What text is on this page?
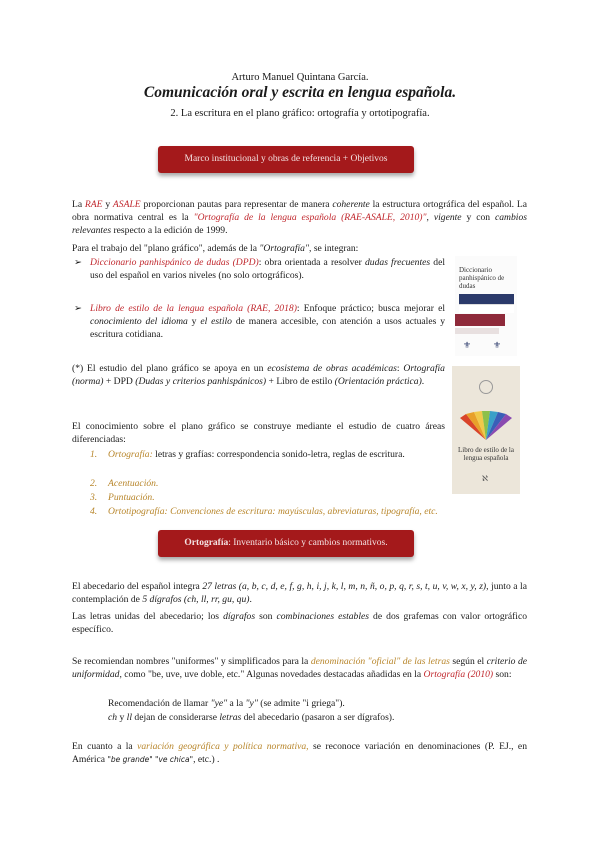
Arturo Manuel Quintana García.
Comunicación oral y escrita en lengua española.
2. La escritura en el plano gráfico: ortografía y ortotipografía.
Marco institucional y obras de referencia + Objetivos
La RAE y ASALE proporcionan pautas para representar de manera coherente la estructura ortográfica del español. La obra normativa central es la "Ortografía de la lengua española (RAE-ASALE, 2010)", vigente y con cambios relevantes respecto a la edición de 1999.
Para el trabajo del "plano gráfico", además de la "Ortografía", se integran:
➢ Diccionario panhispánico de dudas (DPD): obra orientada a resolver dudas frecuentes del uso del español en varios niveles (no solo ortográficos).
➢ Libro de estilo de la lengua española (RAE, 2018): Enfoque práctico; busca mejorar el conocimiento del idioma y el estilo de manera accesible, con atención a usos actuales y escritura cotidiana.
Diccionario panhispánico de dudas
⚜ ⚜
(*) El estudio del plano gráfico se apoya en un ecosistema de obras académicas: Ortografía (norma) + DPD (Dudas y criterios panhispánicos) + Libro de estilo (Orientación práctica).
Libro de estilo de la lengua española
ℵ
El conocimiento sobre el plano gráfico se construye mediante el estudio de cuatro áreas diferenciadas:
1. Ortografía: letras y grafías: correspondencia sonido-letra, reglas de escritura.
2. Acentuación.
3. Puntuación.
4. Ortotipografía: Convenciones de escritura: mayúsculas, abreviaturas, tipografía, etc.
Ortografía: Inventario básico y cambios normativos.
El abecedario del español integra 27 letras (a, b, c, d, e, f, g, h, i, j, k, l, m, n, ñ, o, p, q, r, s, t, u, v, w, x, y, z), junto a la contemplación de 5 dígrafos (ch, ll, rr, gu, qu).
Las letras unidas del abecedario; los dígrafos son combinaciones estables de dos grafemas con valor ortográfico específico.
Se recomiendan nombres "uniformes" y simplificados para la denominación "oficial" de las letras según el criterio de uniformidad, como "be, uve, uve doble, etc." Algunas novedades destacadas añadidas en la Ortografía (2010) son:
Recomendación de llamar "ye" a la "y" (se admite "i griega").
ch y ll dejan de considerarse letras del abecedario (pasaron a ser dígrafos).
En cuanto a la variación geográfica y política normativa, se reconoce variación en denominaciones (P. EJ., en América "be grande" "ve chica", etc.) .
